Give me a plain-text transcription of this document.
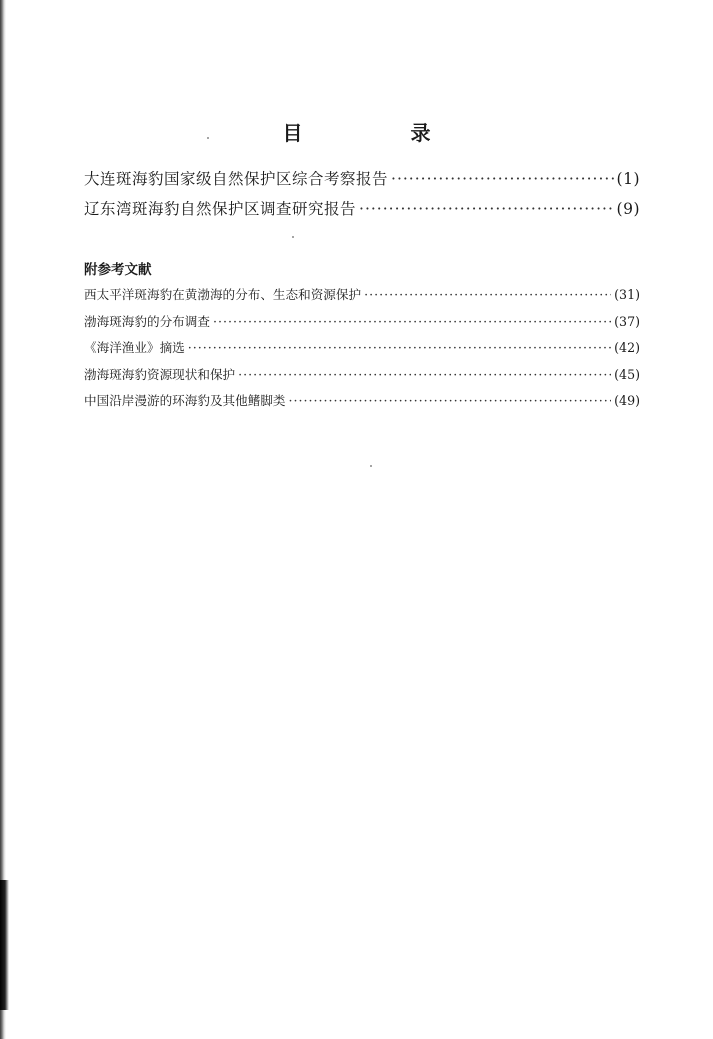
目　录
大连斑海豹国家级自然保护区综合考察报告 ·····	(1)
辽东湾斑海豹自然保护区调查研究报告 ·····	(9)
附参考文献
西太平洋斑海豹在黄渤海的分布、生态和资源保护 ·····	(31)
渤海斑海豹的分布调查 ·····	(37)
《海洋渔业》摘选 ·····	(42)
渤海斑海豹资源现状和保护 ·····	(45)
中国沿岸漫游的环海豹及其他鳍脚类 ·····	(49)
